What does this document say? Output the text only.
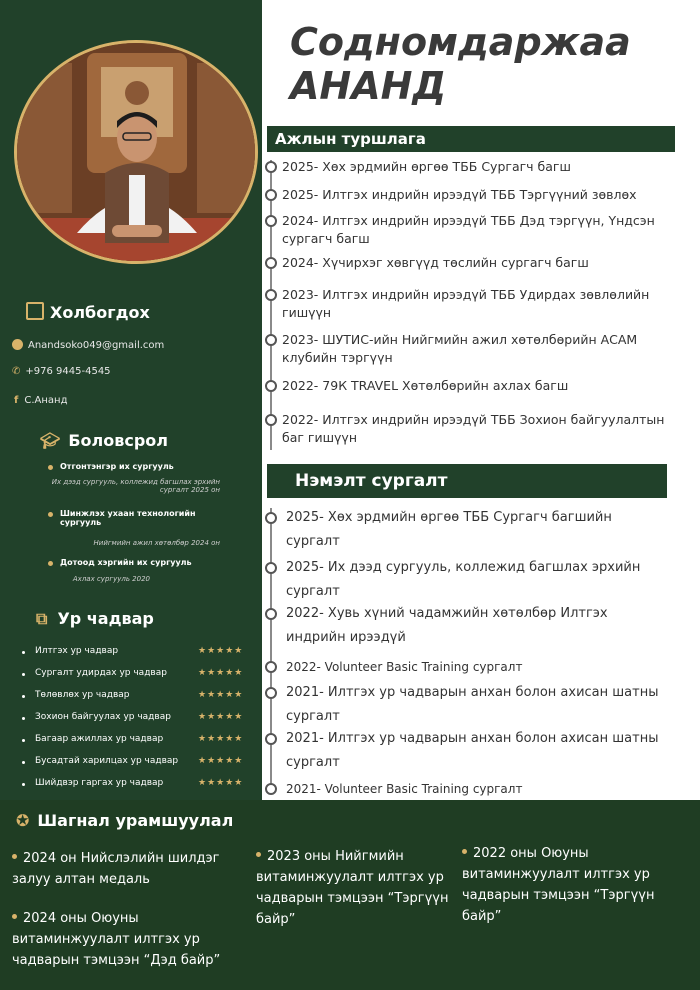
Содномдаржаа
АНАНД
Холбогдох
Anandsoko049@gmail.com
✆ +976 9445-4545
f С.Ананд
🎓︎ Боловсрол
Отгонтэнгэр их сургууль
Их дээд сургууль, коллежид багшлах эрхийн сургалт 2025 он
Шинжлэх ухаан технологийн сургууль
Нийгмийн ажил хөтөлбөр 2024 он
Дотоод хэргийн их сургууль
Ахлах сургууль 2020
⧉ Ур чадвар
Илтгэх ур чадвар	★★★★★
Сургалт удирдах ур чадвар	★★★★★
Төлөвлөх ур чадвар	★★★★★
Зохион байгуулах ур чадвар	★★★★★
Багаар ажиллах ур чадвар	★★★★★
Бусадтай харилцах ур чадвар ★★★★★
Шийдвэр гаргах ур чадвар	★★★★★
Ажлын туршлага
2025- Хөх эрдмийн өргөө ТББ Сургагч багш
2025- Илтгэх индрийн ирээдүй ТББ Тэргүүний зөвлөх
2024- Илтгэх индрийн ирээдүй ТББ Дэд тэргүүн, Үндсэн сургагч багш
2024- Хүчирхэг хөвгүүд төслийн сургагч багш
2023- Илтгэх индрийн ирээдүй ТББ Удирдах зөвлөлийн гишүүн
2023- ШУТИС-ийн Нийгмийн ажил хөтөлбөрийн АСАМ клубийн тэргүүн
2022- 79К TRAVEL Хөтөлбөрийн ахлах багш
2022- Илтгэх индрийн ирээдүй ТББ Зохион байгуулалтын баг гишүүн
Нэмэлт сургалт
2025- Хөх эрдмийн өргөө ТББ Сургагч багшийн сургалт
2025- Их дээд сургууль, коллежид багшлах эрхийн сургалт
2022- Хувь хүний чадамжийн хөтөлбөр Илтгэх индрийн ирээдүй
2022- Volunteer Basic Training сургалт
2021- Илтгэх ур чадварын анхан болон ахисан шатны сургалт
2021- Илтгэх ур чадварын анхан болон ахисан шатны сургалт
2021- Volunteer Basic Training сургалт
✪ Шагнал урамшуулал
2024 он Нийслэлийн шилдэг залуу алтан медаль
2023 оны Нийгмийн витаминжуулалт илтгэх ур чадварын тэмцээн “Тэргүүн байр”
2022 оны Оюуны витаминжуулалт илтгэх ур чадварын тэмцээн “Тэргүүн байр”
2024 оны Оюуны витаминжуулалт илтгэх ур чадварын тэмцээн “Дэд байр”
